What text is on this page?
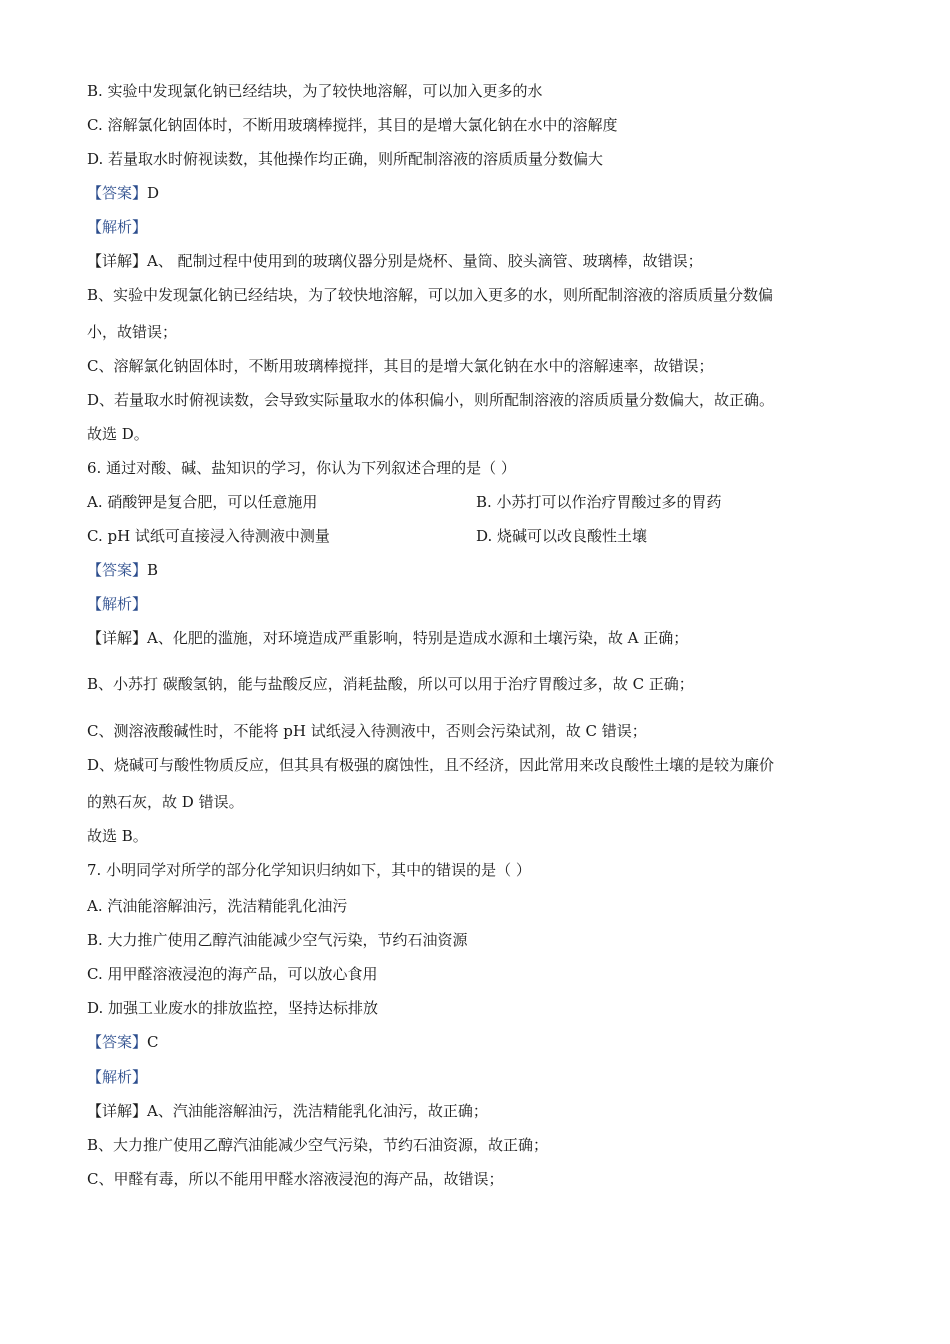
B. 实验中发现氯化钠已经结块，为了较快地溶解，可以加入更多的水
C. 溶解氯化钠固体时，不断用玻璃棒搅拌，其目的是增大氯化钠在水中的溶解度
D. 若量取水时俯视读数，其他操作均正确，则所配制溶液的溶质质量分数偏大
【答案】D
【解析】
【详解】A、 配制过程中使用到的玻璃仪器分别是烧杯、量筒、胶头滴管、玻璃棒，故错误；
B、实验中发现氯化钠已经结块，为了较快地溶解，可以加入更多的水，则所配制溶液的溶质质量分数偏
小，故错误；
C、溶解氯化钠固体时，不断用玻璃棒搅拌，其目的是增大氯化钠在水中的溶解速率，故错误；
D、若量取水时俯视读数，会导致实际量取水的体积偏小，则所配制溶液的溶质质量分数偏大，故正确。
故选 D。
6. 通过对酸、碱、盐知识的学习，你认为下列叙述合理的是（ ）
A. 硝酸钾是复合肥，可以任意施用	B. 小苏打可以作治疗胃酸过多的胃药
C. pH 试纸可直接浸入待测液中测量	D. 烧碱可以改良酸性土壤
【答案】B
【解析】
【详解】A、化肥的滥施，对环境造成严重影响，特别是造成水源和土壤污染，故 A 正确；
B、小苏打 碳酸氢钠，能与盐酸反应，消耗盐酸，所以可以用于治疗胃酸过多，故 C 正确；
C、测溶液酸碱性时，不能将 pH 试纸浸入待测液中，否则会污染试剂，故 C 错误；
D、烧碱可与酸性物质反应，但其具有极强的腐蚀性，且不经济，因此常用来改良酸性土壤的是较为廉价
的熟石灰，故 D 错误。
故选 B。
7. 小明同学对所学的部分化学知识归纳如下，其中的错误的是（ ）
A. 汽油能溶解油污，洗洁精能乳化油污
B. 大力推广使用乙醇汽油能减少空气污染，节约石油资源
C. 用甲醛溶液浸泡的海产品，可以放心食用
D. 加强工业废水的排放监控，坚持达标排放
【答案】C
【解析】
【详解】A、汽油能溶解油污，洗洁精能乳化油污，故正确；
B、大力推广使用乙醇汽油能减少空气污染，节约石油资源，故正确；
C、甲醛有毒，所以不能用甲醛水溶液浸泡的海产品，故错误；
